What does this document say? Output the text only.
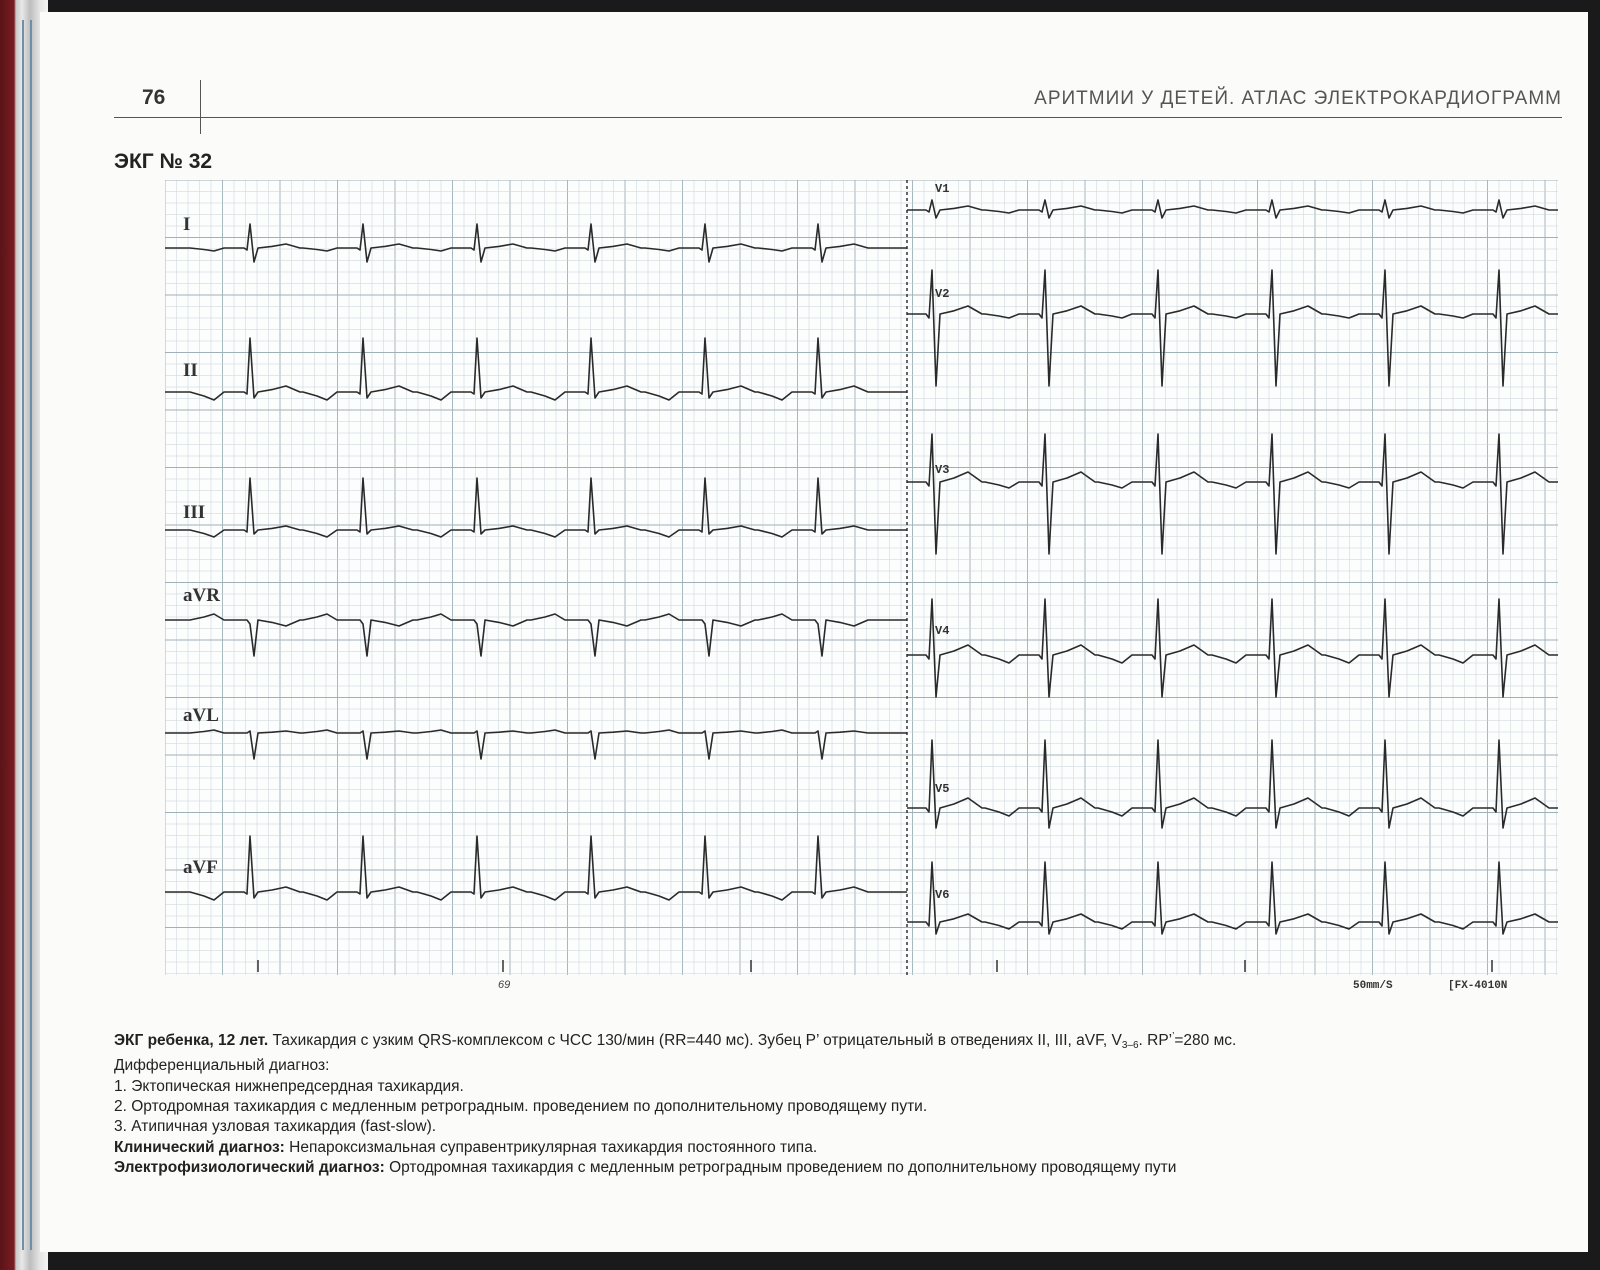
76	АРИТМИИ У ДЕТЕЙ. АТЛАС ЭЛЕКТРОКАРДИОГРАММ
ЭКГ № 32
I
II
III
aVR
aVL
aVF
V1
V2
V3
V4
V5
V6
69	50mm/S	[FX-4010N
ЭКГ ребенка, 12 лет. Тахикардия с узким QRS-комплексом с ЧСС 130/мин (RR=440 мс). Зубец P’ отрицательный в отведениях II, III, aVF, $V_{3-6}$. RP’’=280 мс.
Дифференциальный диагноз:
1. Эктопическая нижнепредсердная тахикардия.
2. Ортодромная тахикардия с медленным ретроградным. проведением по дополнительному проводящему пути.
3. Атипичная узловая тахикардия (fast-slow).
Клинический диагноз: Непароксизмальная суправентрикулярная тахикардия постоянного типа.
Электрофизиологический диагноз: Ортодромная тахикардия с медленным ретроградным проведением по дополнительному проводящему пути
